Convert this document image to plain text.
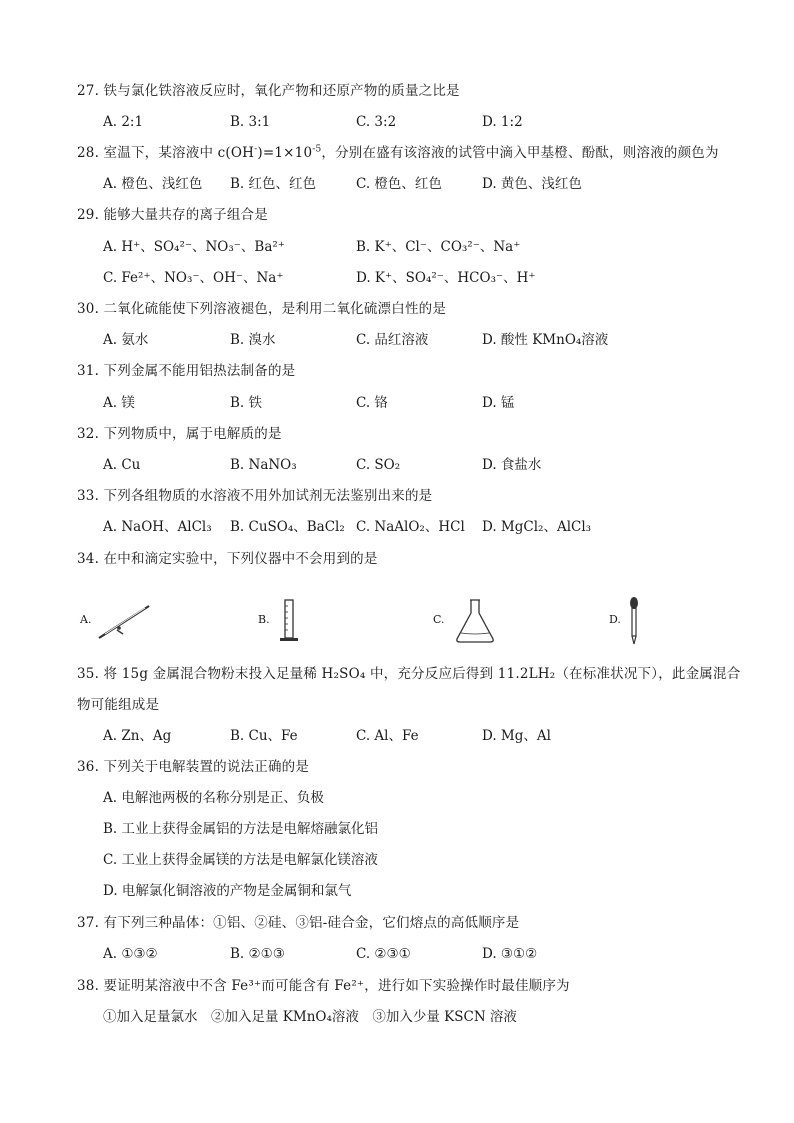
27. 铁与氯化铁溶液反应时，氧化产物和还原产物的质量之比是
A. 2:1	B. 3:1	C. 3:2	D. 1:2
28. 室温下，某溶液中 $c(OH^-)=1\times 10^{-5}$，分别在盛有该溶液的试管中滴入甲基橙、酚酞，则溶液的颜色为
A. 橙色、浅红色 B. 红色、红色	C. 橙色、红色	D. 黄色、浅红色
29. 能够大量共存的离子组合是
A. H⁺、SO₄²⁻、NO₃⁻、Ba²⁺	B. K⁺、Cl⁻、CO₃²⁻、Na⁺
C. Fe²⁺、NO₃⁻、OH⁻、Na⁺	D. K⁺、SO₄²⁻、HCO₃⁻、H⁺
30. 二氧化硫能使下列溶液褪色，是利用二氧化硫漂白性的是
A. 氨水	B. 溴水	C. 品红溶液	D. 酸性 KMnO₄溶液
31. 下列金属不能用铝热法制备的是
A. 镁	B. 铁	C. 铬	D. 锰
32. 下列物质中，属于电解质的是
A. Cu	B. NaNO₃	C. SO₂	D. 食盐水
33. 下列各组物质的水溶液不用外加试剂无法鉴别出来的是
A. NaOH、AlCl₃ B. CuSO₄、BaCl₂ C. NaAlO₂、HCl D. MgCl₂、AlCl₃
34. 在中和滴定实验中，下列仪器中不会用到的是
A.	B.	C.	D.
35. 将 15g 金属混合物粉末投入足量稀 H₂SO₄ 中，充分反应后得到 11.2LH₂（在标准状况下），此金属混合
物可能组成是
A. Zn、Ag	B. Cu、Fe	C. Al、Fe	D. Mg、Al
36. 下列关于电解装置的说法正确的是
A. 电解池两极的名称分别是正、负极
B. 工业上获得金属铝的方法是电解熔融氯化铝
C. 工业上获得金属镁的方法是电解氯化镁溶液
D. 电解氯化铜溶液的产物是金属铜和氯气
37. 有下列三种晶体：①铝、②硅、③铝-硅合金，它们熔点的高低顺序是
A. ①③②	B. ②①③	C. ②③①	D. ③①②
38. 要证明某溶液中不含 Fe³⁺而可能含有 Fe²⁺，进行如下实验操作时最佳顺序为
①加入足量氯水　②加入足量 KMnO₄溶液　③加入少量 KSCN 溶液
